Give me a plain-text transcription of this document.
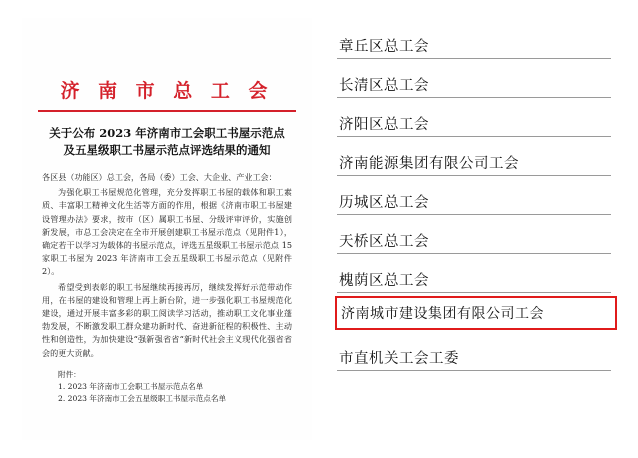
济 南 市 总 工 会
关于公布 2023 年济南市工会职工书屋示范点
及五星级职工书屋示范点评选结果的通知

各区县（功能区）总工会，各局（委）工会、大企业、产业工会：

为强化职工书屋规范化管理，充分发挥职工书屋的载体和职工素质、丰富职工精神文化生活等方面的作用，根据《济南市职工书屋建设管理办法》要求，按市（区）属职工书屋、分级评审评价，实施创新发展，市总工会决定在全市开展创建职工书屋示范点（见附件1），确定若干以学习为载体的书屋示范点，评选五星级职工书屋示范点 15 家职工书屋为 2023 年济南市工会五星级职工书屋示范点（见附件2）。

希望受到表彰的职工书屋继续再接再厉，继续发挥好示范带动作用，在书屋的建设和管理上再上新台阶，进一步强化职工书屋规范化建设，通过开展丰富多彩的职工阅读学习活动，推动职工文化事业蓬勃发展，不断激发职工群众建功新时代、奋进新征程的积极性、主动性和创造性，为加快建设“强新强省省“新时代社会主义现代化强省省会的更大贡献。

附件：
1. 2023 年济南市工会职工书屋示范点名单
2. 2023 年济南市工会五星级职工书屋示范点名单
章丘区总工会
长清区总工会
济阳区总工会
济南能源集团有限公司工会
历城区总工会
天桥区总工会
槐荫区总工会
济南城市建设集团有限公司工会
市直机关工会工委
